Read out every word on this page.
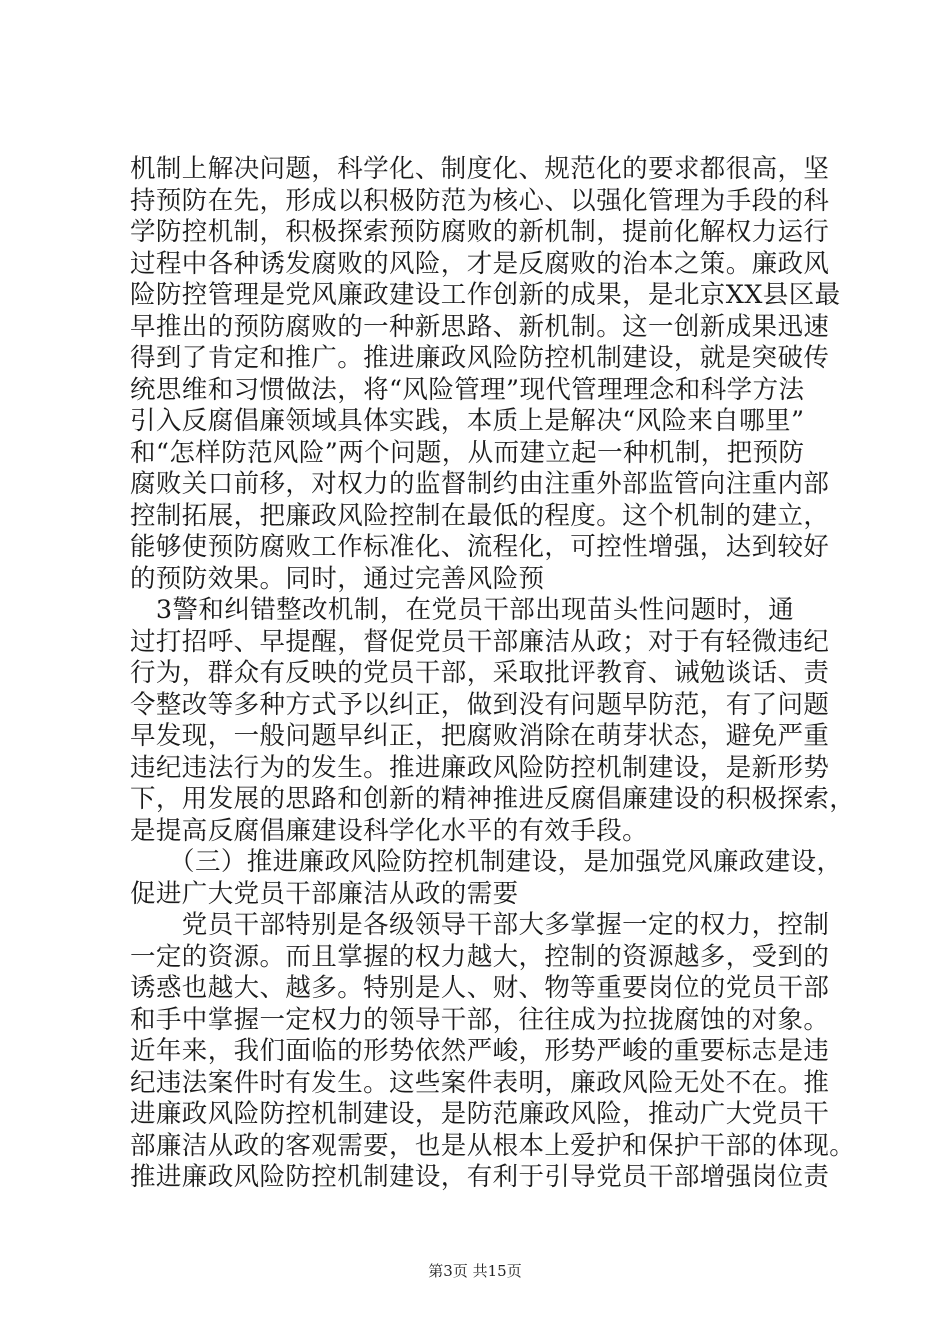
机制上解决问题，科学化、制度化、规范化的要求都很高，坚
持预防在先，形成以积极防范为核心、以强化管理为手段的科
学防控机制，积极探索预防腐败的新机制，提前化解权力运行
过程中各种诱发腐败的风险，才是反腐败的治本之策。廉政风
险防控管理是党风廉政建设工作创新的成果，是北京XX县区最
早推出的预防腐败的一种新思路、新机制。这一创新成果迅速
得到了肯定和推广。推进廉政风险防控机制建设，就是突破传
统思维和习惯做法，将“风险管理”现代管理理念和科学方法
引入反腐倡廉领域具体实践，本质上是解决“风险来自哪里”
和“怎样防范风险”两个问题，从而建立起一种机制，把预防
腐败关口前移，对权力的监督制约由注重外部监管向注重内部
控制拓展，把廉政风险控制在最低的程度。这个机制的建立，
能够使预防腐败工作标准化、流程化，可控性增强，达到较好
的预防效果。同时，通过完善风险预
　3警和纠错整改机制，在党员干部出现苗头性问题时，通
过打招呼、早提醒，督促党员干部廉洁从政；对于有轻微违纪
行为，群众有反映的党员干部，采取批评教育、诫勉谈话、责
令整改等多种方式予以纠正，做到没有问题早防范，有了问题
早发现，一般问题早纠正，把腐败消除在萌芽状态，避免严重
违纪违法行为的发生。推进廉政风险防控机制建设，是新形势
下，用发展的思路和创新的精神推进反腐倡廉建设的积极探索，
是提高反腐倡廉建设科学化水平的有效手段。
　　（三）推进廉政风险防控机制建设，是加强党风廉政建设，
促进广大党员干部廉洁从政的需要
　　党员干部特别是各级领导干部大多掌握一定的权力，控制
一定的资源。而且掌握的权力越大，控制的资源越多，受到的
诱惑也越大、越多。特别是人、财、物等重要岗位的党员干部
和手中掌握一定权力的领导干部，往往成为拉拢腐蚀的对象。
近年来，我们面临的形势依然严峻，形势严峻的重要标志是违
纪违法案件时有发生。这些案件表明，廉政风险无处不在。推
进廉政风险防控机制建设，是防范廉政风险，推动广大党员干
部廉洁从政的客观需要，也是从根本上爱护和保护干部的体现。
推进廉政风险防控机制建设，有利于引导党员干部增强岗位责
第3页 共15页
